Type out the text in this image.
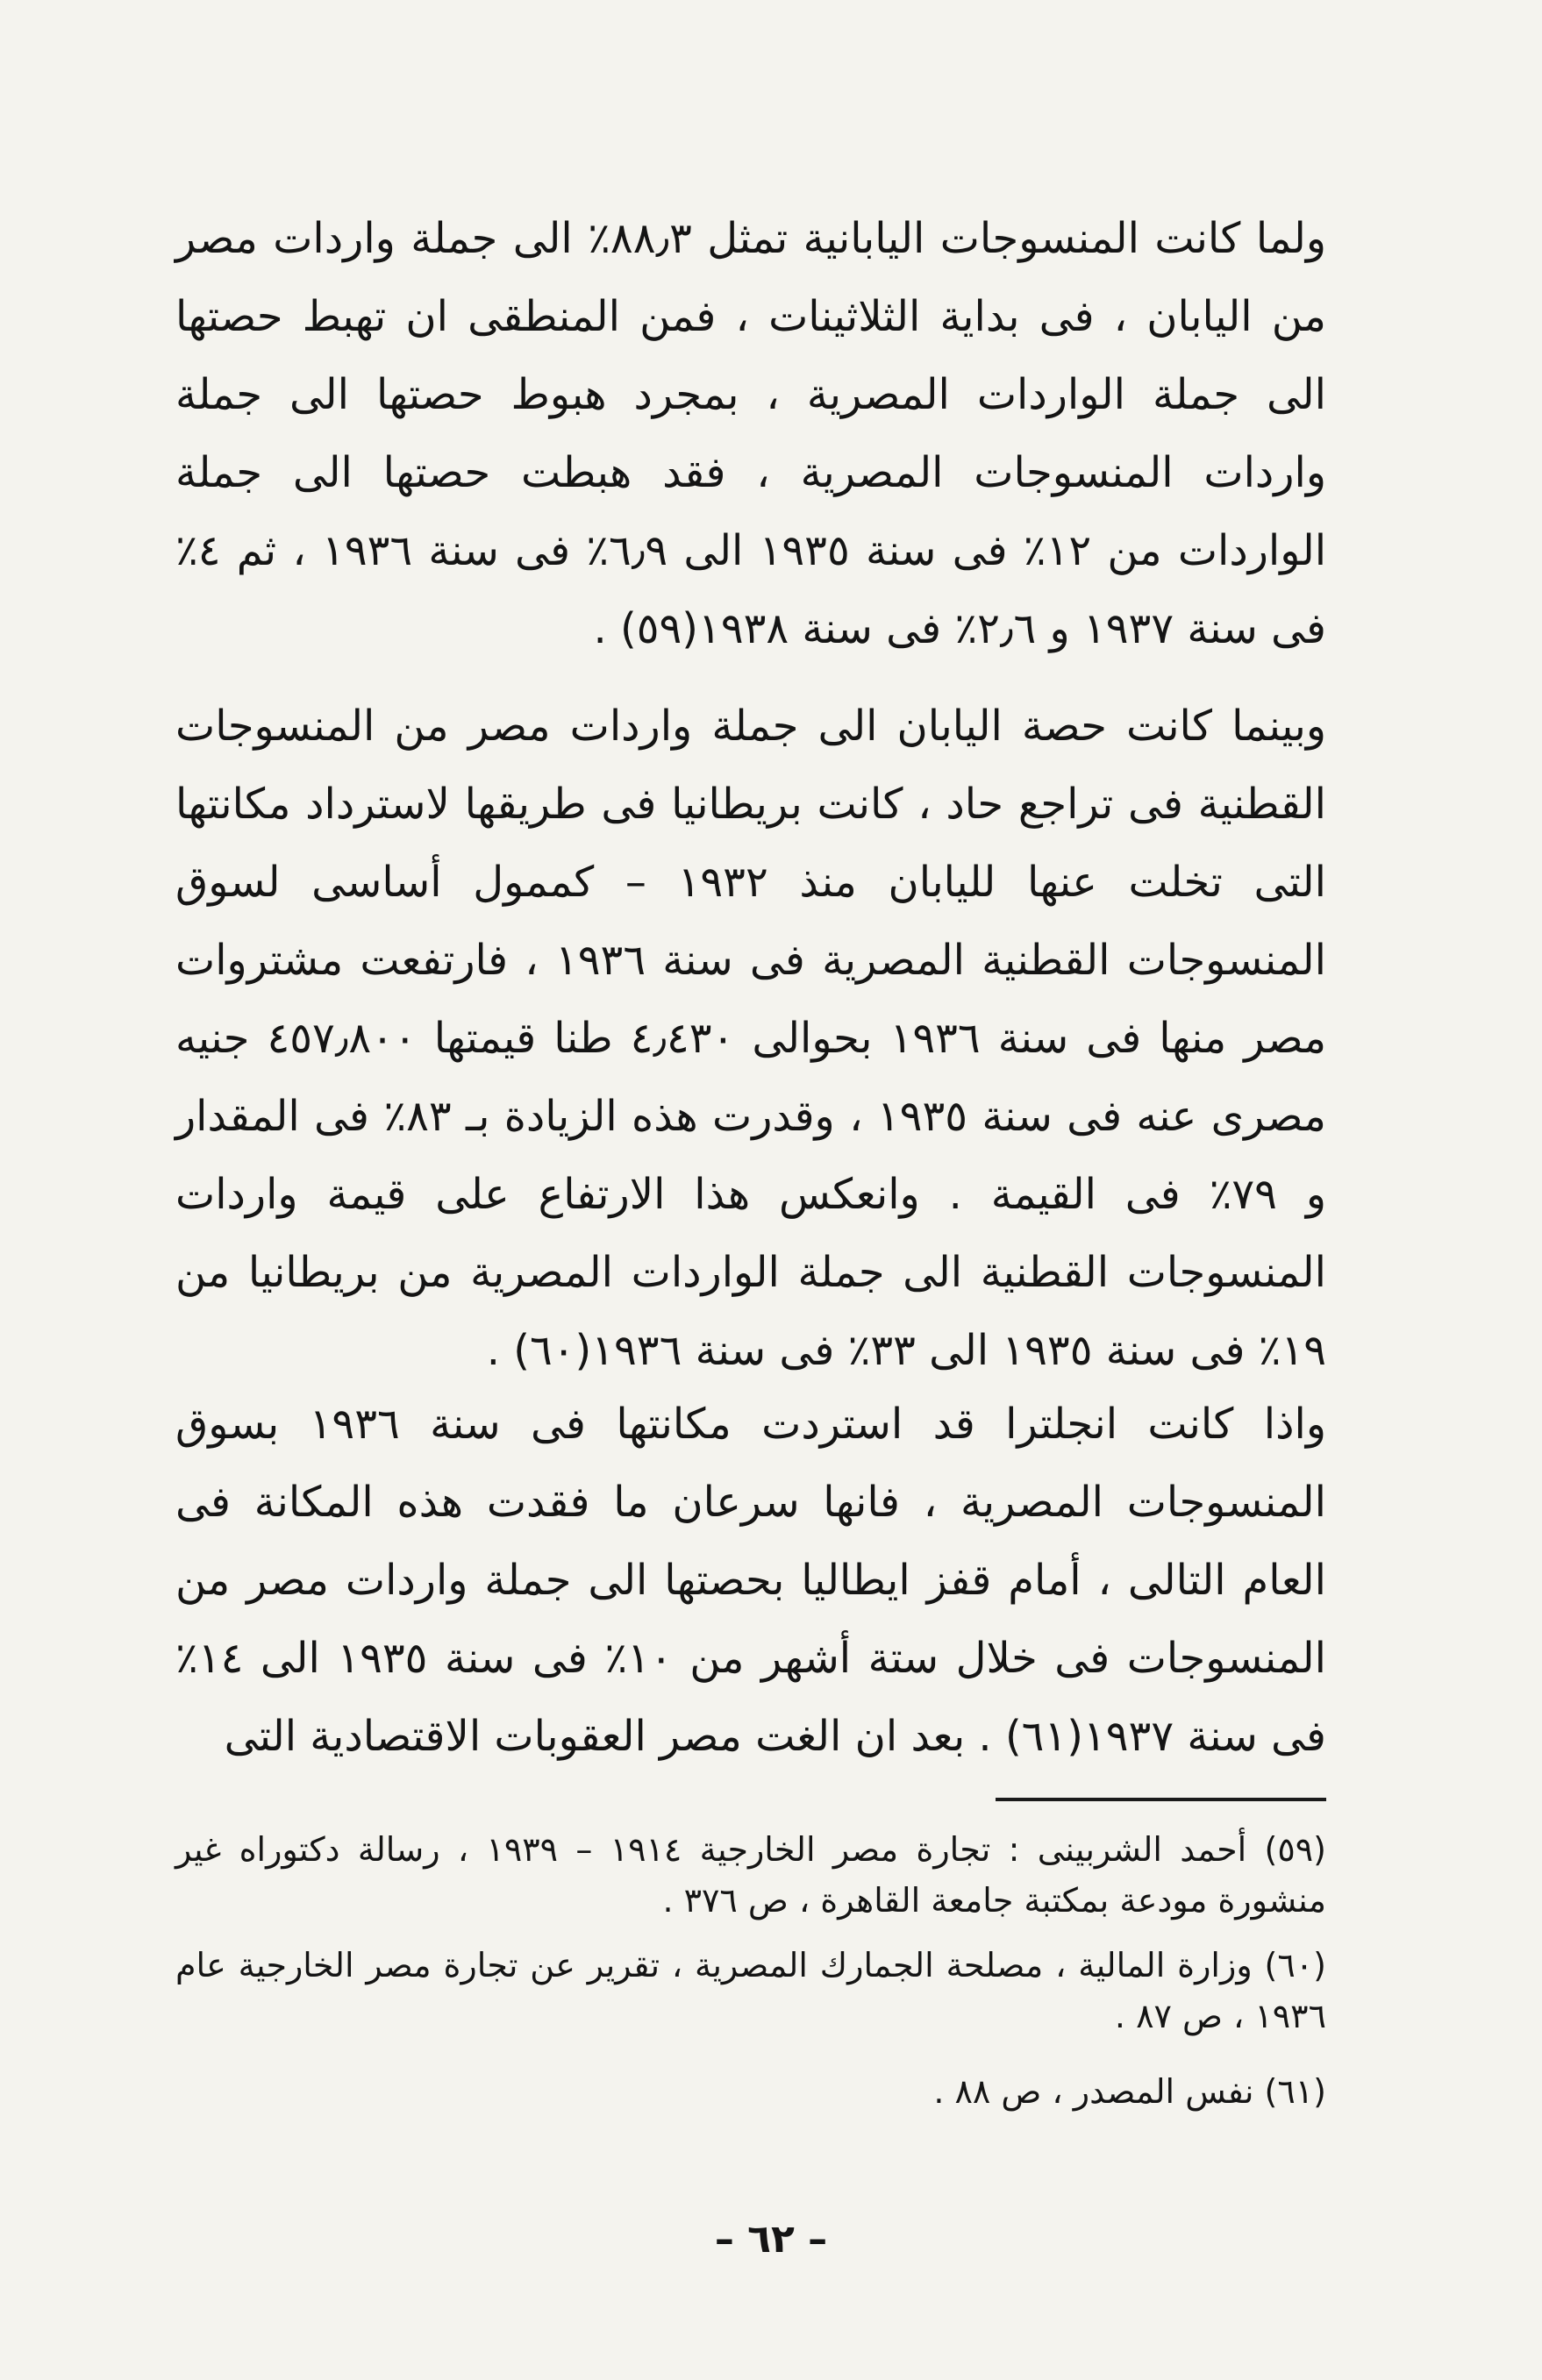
ولما كانت المنسوجات اليابانية تمثل ٨٨٫٣٪ الى جملة واردات مصر من اليابان ، فى بداية الثلاثينات ، فمن المنطقى ان تهبط حصتها الى جملة الواردات المصرية ، بمجرد هبوط حصتها الى جملة واردات المنسوجات المصرية ، فقد هبطت حصتها الى جملة الواردات من ١٢٪ فى سنة ١٩٣٥ الى ٦٫٩٪ فى سنة ١٩٣٦ ، ثم ٤٪ فى سنة ١٩٣٧ و ٢٫٦٪ فى سنة ١٩٣٨(٥٩) .

وبينما كانت حصة اليابان الى جملة واردات مصر من المنسوجات القطنية فى تراجع حاد ، كانت بريطانيا فى طريقها لاسترداد مكانتها التى تخلت عنها لليابان منذ ١٩٣٢ – كممول أساسى لسوق المنسوجات القطنية المصرية فى سنة ١٩٣٦ ، فارتفعت مشتروات مصر منها فى سنة ١٩٣٦ بحوالى ٤٫٤٣٠ طنا قيمتها ٤٥٧٫٨٠٠ جنيه مصرى عنه فى سنة ١٩٣٥ ، وقدرت هذه الزيادة بـ ٨٣٪ فى المقدار و ٧٩٪ فى القيمة . وانعكس هذا الارتفاع على قيمة واردات المنسوجات القطنية الى جملة الواردات المصرية من بريطانيا من ١٩٪ فى سنة ١٩٣٥ الى ٣٣٪ فى سنة ١٩٣٦(٦٠) .

واذا كانت انجلترا قد استردت مكانتها فى سنة ١٩٣٦ بسوق المنسوجات المصرية ، فانها سرعان ما فقدت هذه المكانة فى العام التالى ، أمام قفز ايطاليا بحصتها الى جملة واردات مصر من المنسوجات فى خلال ستة أشهر من ١٠٪ فى سنة ١٩٣٥ الى ١٤٪ فى سنة ١٩٣٧(٦١) . بعد ان الغت مصر العقوبات الاقتصادية التى

(٥٩) أحمد الشربينى : تجارة مصر الخارجية ١٩١٤ – ١٩٣٩ ، رسالة دكتوراه غير منشورة مودعة بمكتبة جامعة القاهرة ، ص ٣٧٦ .

(٦٠) وزارة المالية ، مصلحة الجمارك المصرية ، تقرير عن تجارة مصر الخارجية عام ١٩٣٦ ، ص ٨٧ .

(٦١) نفس المصدر ، ص ٨٨ .

– ٦٢ –
